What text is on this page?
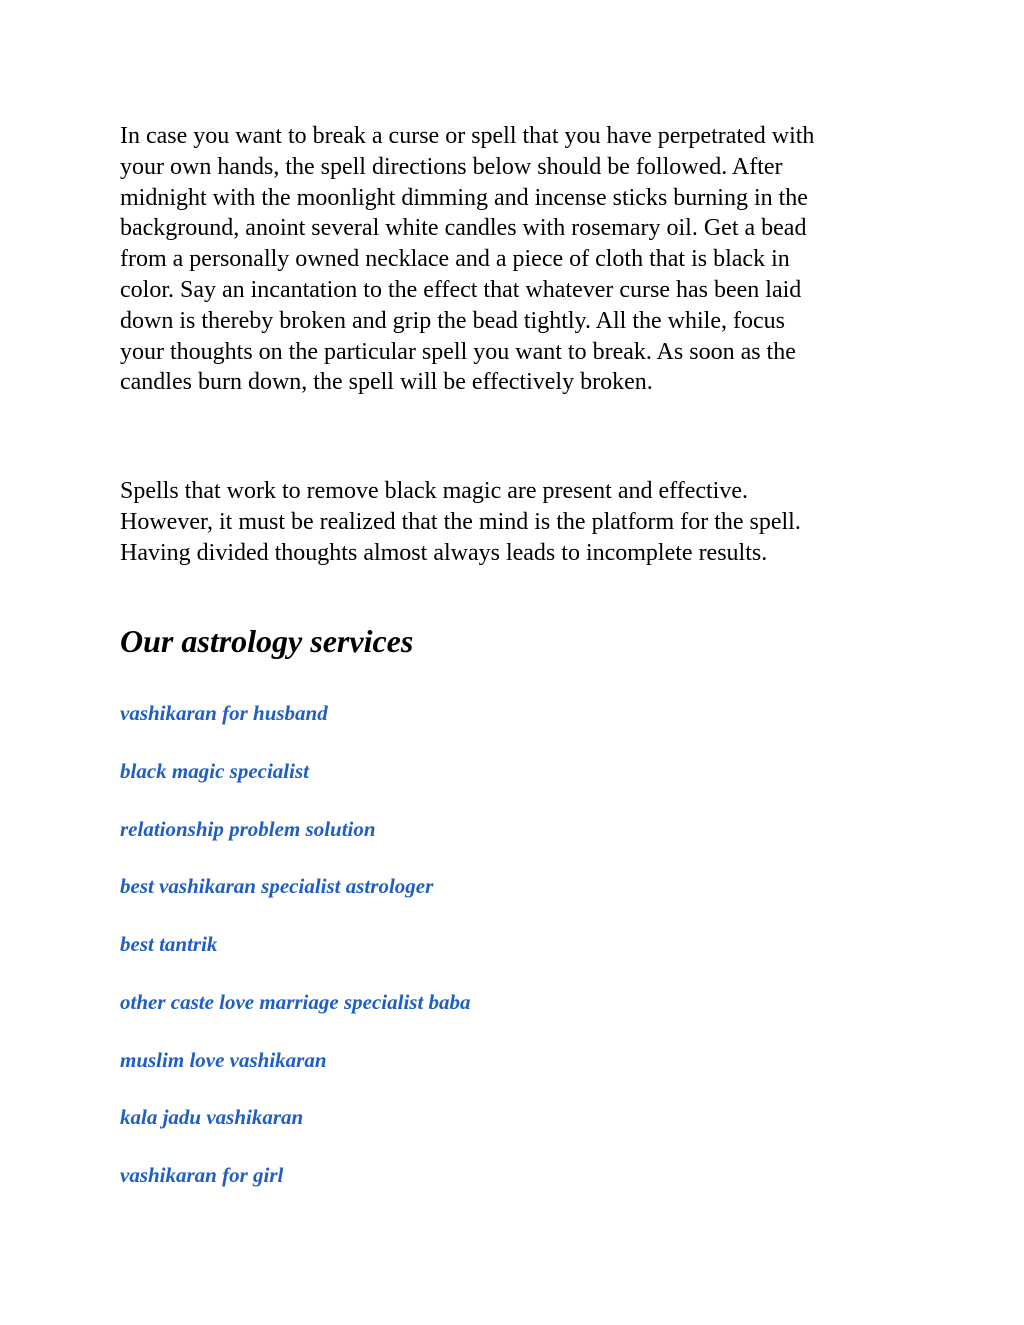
In case you want to break a curse or spell that you have perpetrated with
your own hands, the spell directions below should be followed. After
midnight with the moonlight dimming and incense sticks burning in the
background, anoint several white candles with rosemary oil. Get a bead
from a personally owned necklace and a piece of cloth that is black in
color. Say an incantation to the effect that whatever curse has been laid
down is thereby broken and grip the bead tightly. All the while, focus
your thoughts on the particular spell you want to break. As soon as the
candles burn down, the spell will be effectively broken.

Spells that work to remove black magic are present and effective.
However, it must be realized that the mind is the platform for the spell.
Having divided thoughts almost always leads to incomplete results.

Our astrology services
vashikaran for husband
black magic specialist
relationship problem solution
best vashikaran specialist astrologer
best tantrik
other caste love marriage specialist baba
muslim love vashikaran
kala jadu vashikaran
vashikaran for girl
